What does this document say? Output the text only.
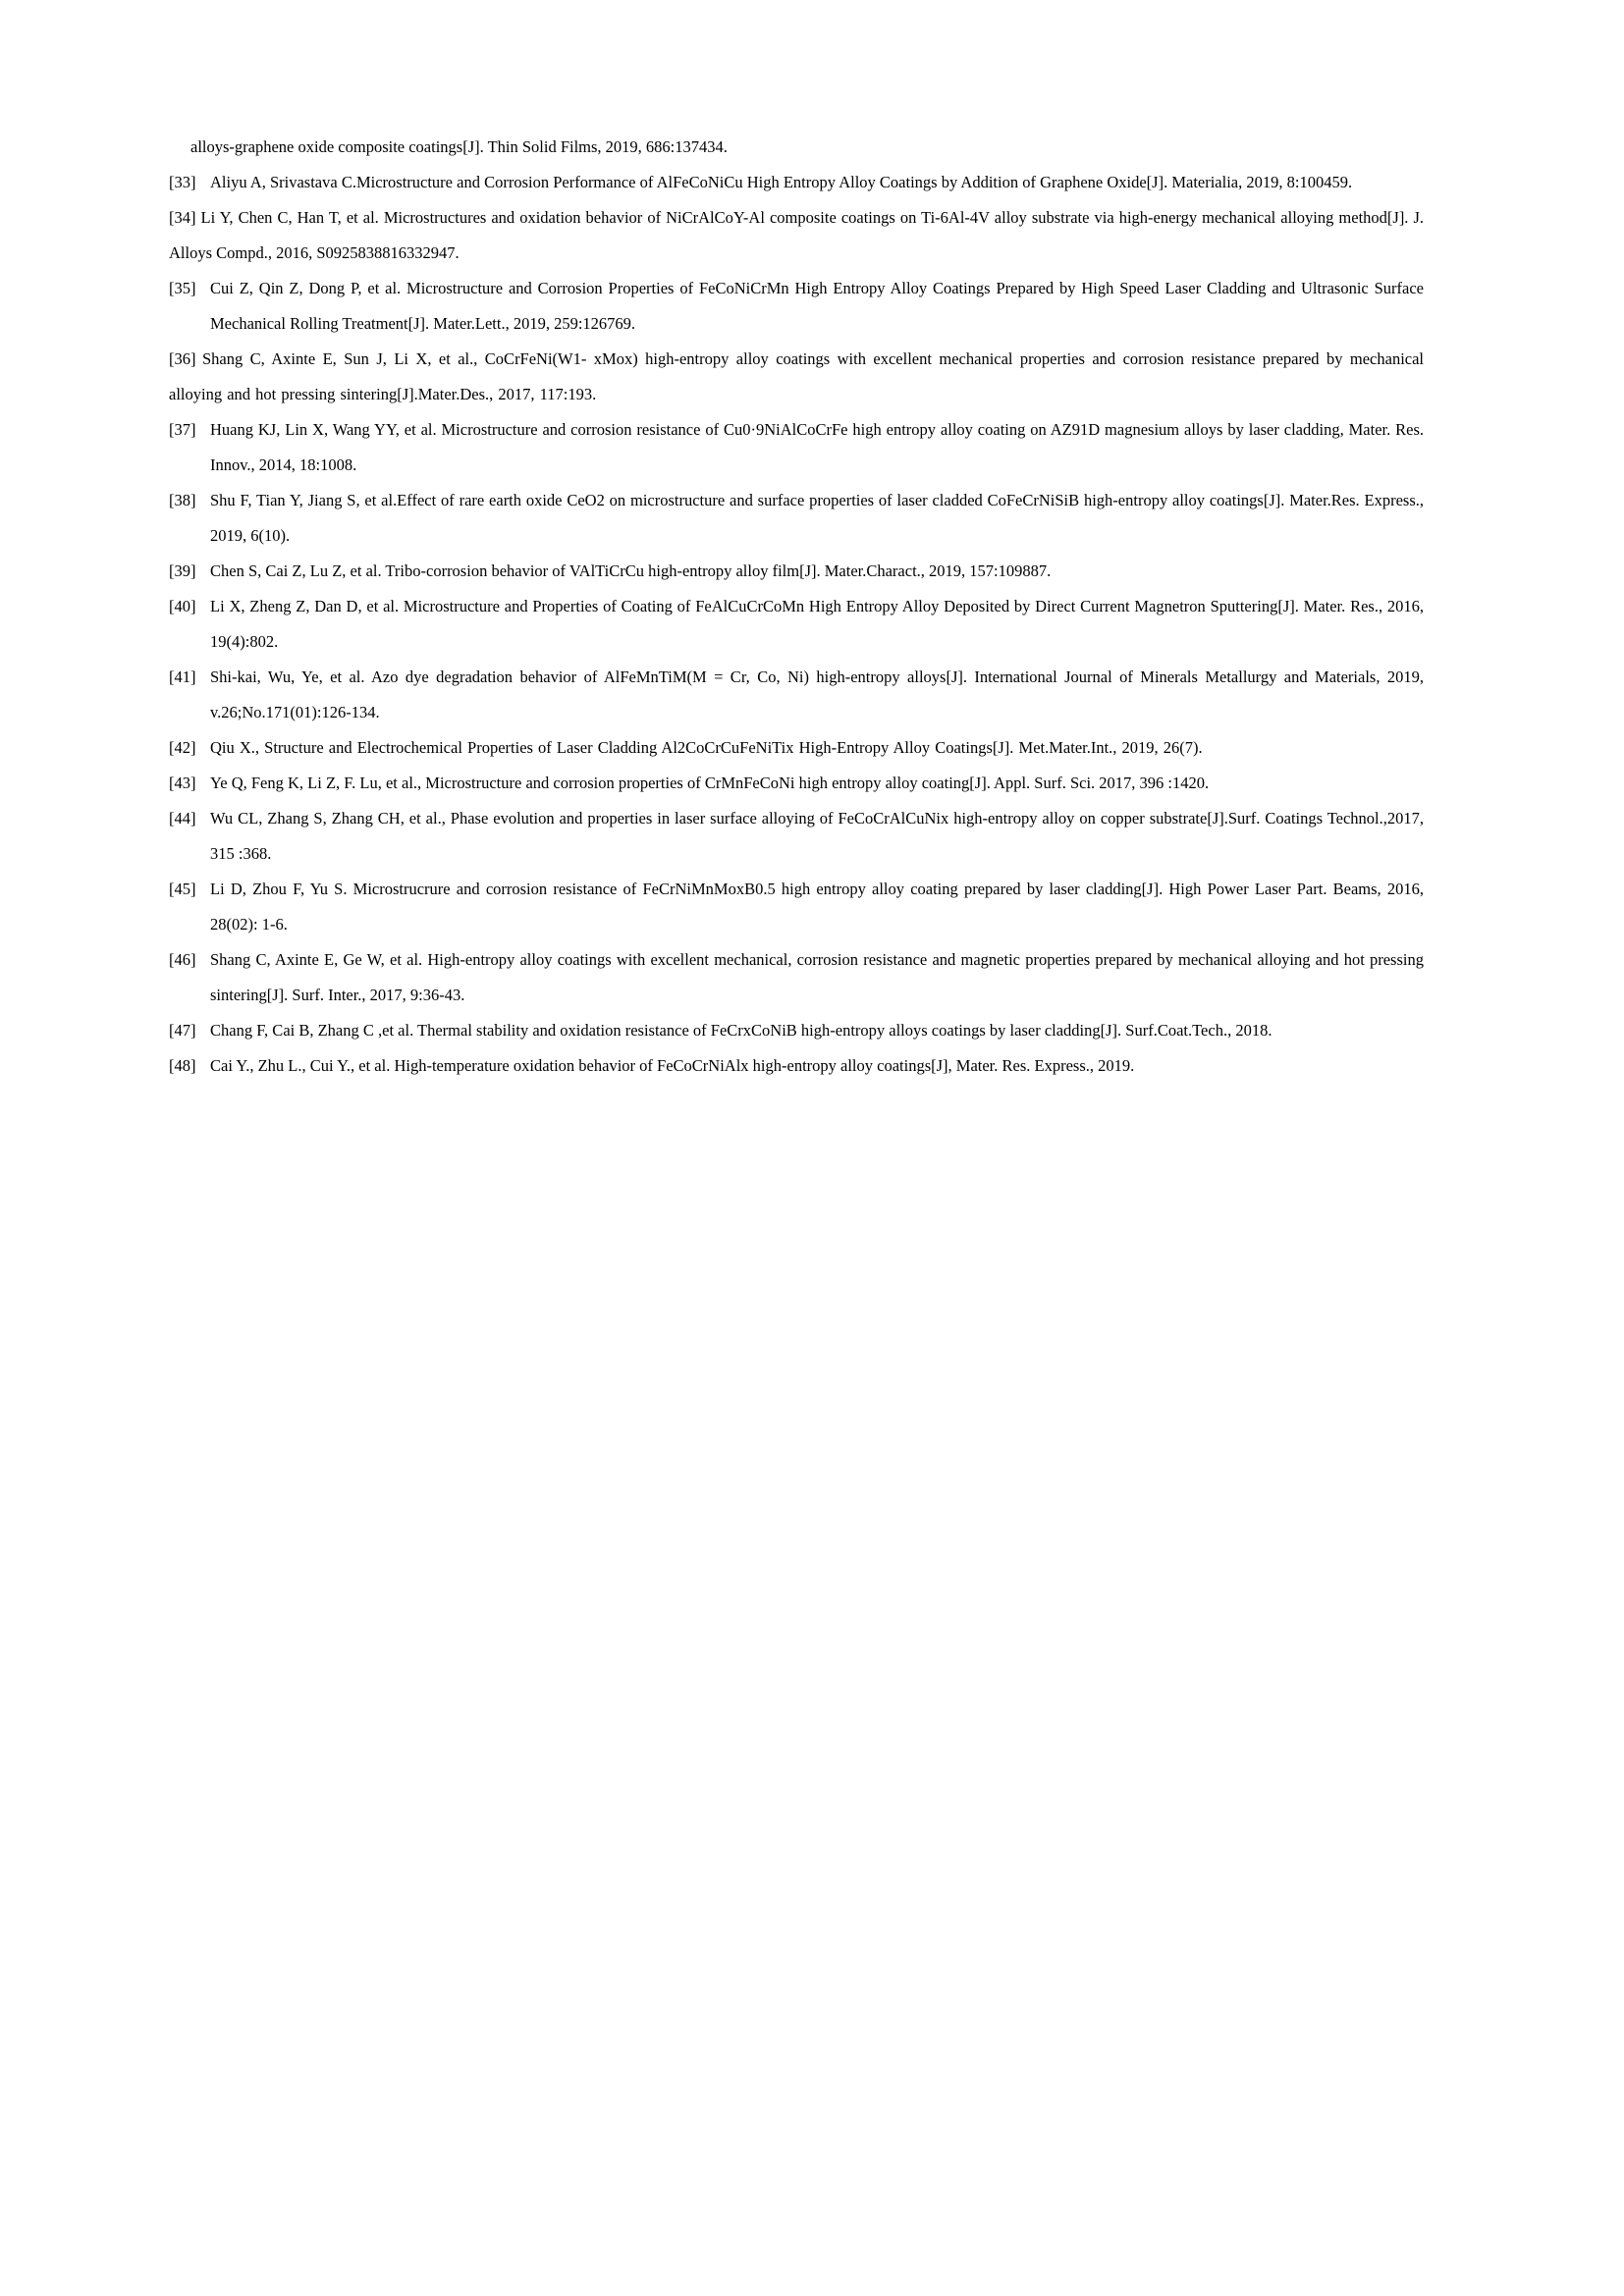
alloys-graphene oxide composite coatings[J]. Thin Solid Films, 2019, 686:137434.

[33] Aliyu A, Srivastava C.Microstructure and Corrosion Performance of AlFeCoNiCu High Entropy Alloy Coatings by Addition of Graphene Oxide[J]. Materialia, 2019, 8:100459.
[34] Li Y, Chen C, Han T, et al. Microstructures and oxidation behavior of NiCrAlCoY-Al composite coatings on Ti-6Al-4V alloy substrate via high-energy mechanical alloying method[J]. J. Alloys Compd., 2016, S0925838816332947.
[35] Cui Z, Qin Z, Dong P, et al. Microstructure and Corrosion Properties of FeCoNiCrMn High Entropy Alloy Coatings Prepared by High Speed Laser Cladding and Ultrasonic Surface Mechanical Rolling Treatment[J]. Mater.Lett., 2019, 259:126769.
[36] Shang C, Axinte E, Sun J, Li X, et al., CoCrFeNi(W1- xMox) high-entropy alloy coatings with excellent mechanical properties and corrosion resistance prepared by mechanical alloying and hot pressing sintering[J].Mater.Des., 2017, 117:193.
[37] Huang KJ, Lin X, Wang YY, et al. Microstructure and corrosion resistance of Cu0·9NiAlCoCrFe high entropy alloy coating on AZ91D magnesium alloys by laser cladding, Mater. Res. Innov., 2014, 18:1008.
[38] Shu F, Tian Y, Jiang S, et al.Effect of rare earth oxide CeO2 on microstructure and surface properties of laser cladded CoFeCrNiSiB high-entropy alloy coatings[J]. Mater.Res. Express., 2019, 6(10).
[39] Chen S, Cai Z, Lu Z, et al. Tribo-corrosion behavior of VAlTiCrCu high-entropy alloy film[J]. Mater.Charact., 2019, 157:109887.
[40] Li X, Zheng Z, Dan D, et al. Microstructure and Properties of Coating of FeAlCuCrCoMn High Entropy Alloy Deposited by Direct Current Magnetron Sputtering[J]. Mater. Res., 2016, 19(4):802.
[41] Shi-kai, Wu, Ye, et al. Azo dye degradation behavior of AlFeMnTiM(M = Cr, Co, Ni) high-entropy alloys[J]. International Journal of Minerals Metallurgy and Materials, 2019, v.26;No.171(01):126-134.
[42] Qiu X., Structure and Electrochemical Properties of Laser Cladding Al2CoCrCuFeNiTix High-Entropy Alloy Coatings[J]. Met.Mater.Int., 2019, 26(7).
[43] Ye Q, Feng K, Li Z, F. Lu, et al., Microstructure and corrosion properties of CrMnFeCoNi high entropy alloy coating[J]. Appl. Surf. Sci. 2017, 396 :1420.
[44] Wu CL, Zhang S, Zhang CH, et al., Phase evolution and properties in laser surface alloying of FeCoCrAlCuNix high-entropy alloy on copper substrate[J].Surf. Coatings Technol.,2017, 315 :368.
[45] Li D, Zhou F, Yu S. Microstrucrure and corrosion resistance of FeCrNiMnMoxB0.5 high entropy alloy coating prepared by laser cladding[J]. High Power Laser Part. Beams, 2016, 28(02): 1-6.
[46] Shang C, Axinte E, Ge W, et al. High-entropy alloy coatings with excellent mechanical, corrosion resistance and magnetic properties prepared by mechanical alloying and hot pressing sintering[J]. Surf. Inter., 2017, 9:36-43.
[47] Chang F, Cai B, Zhang C ,et al. Thermal stability and oxidation resistance of FeCrxCoNiB high-entropy alloys coatings by laser cladding[J]. Surf.Coat.Tech., 2018.
[48] Cai Y., Zhu L., Cui Y., et al. High-temperature oxidation behavior of FeCoCrNiAlx high-entropy alloy coatings[J], Mater. Res. Express., 2019.
